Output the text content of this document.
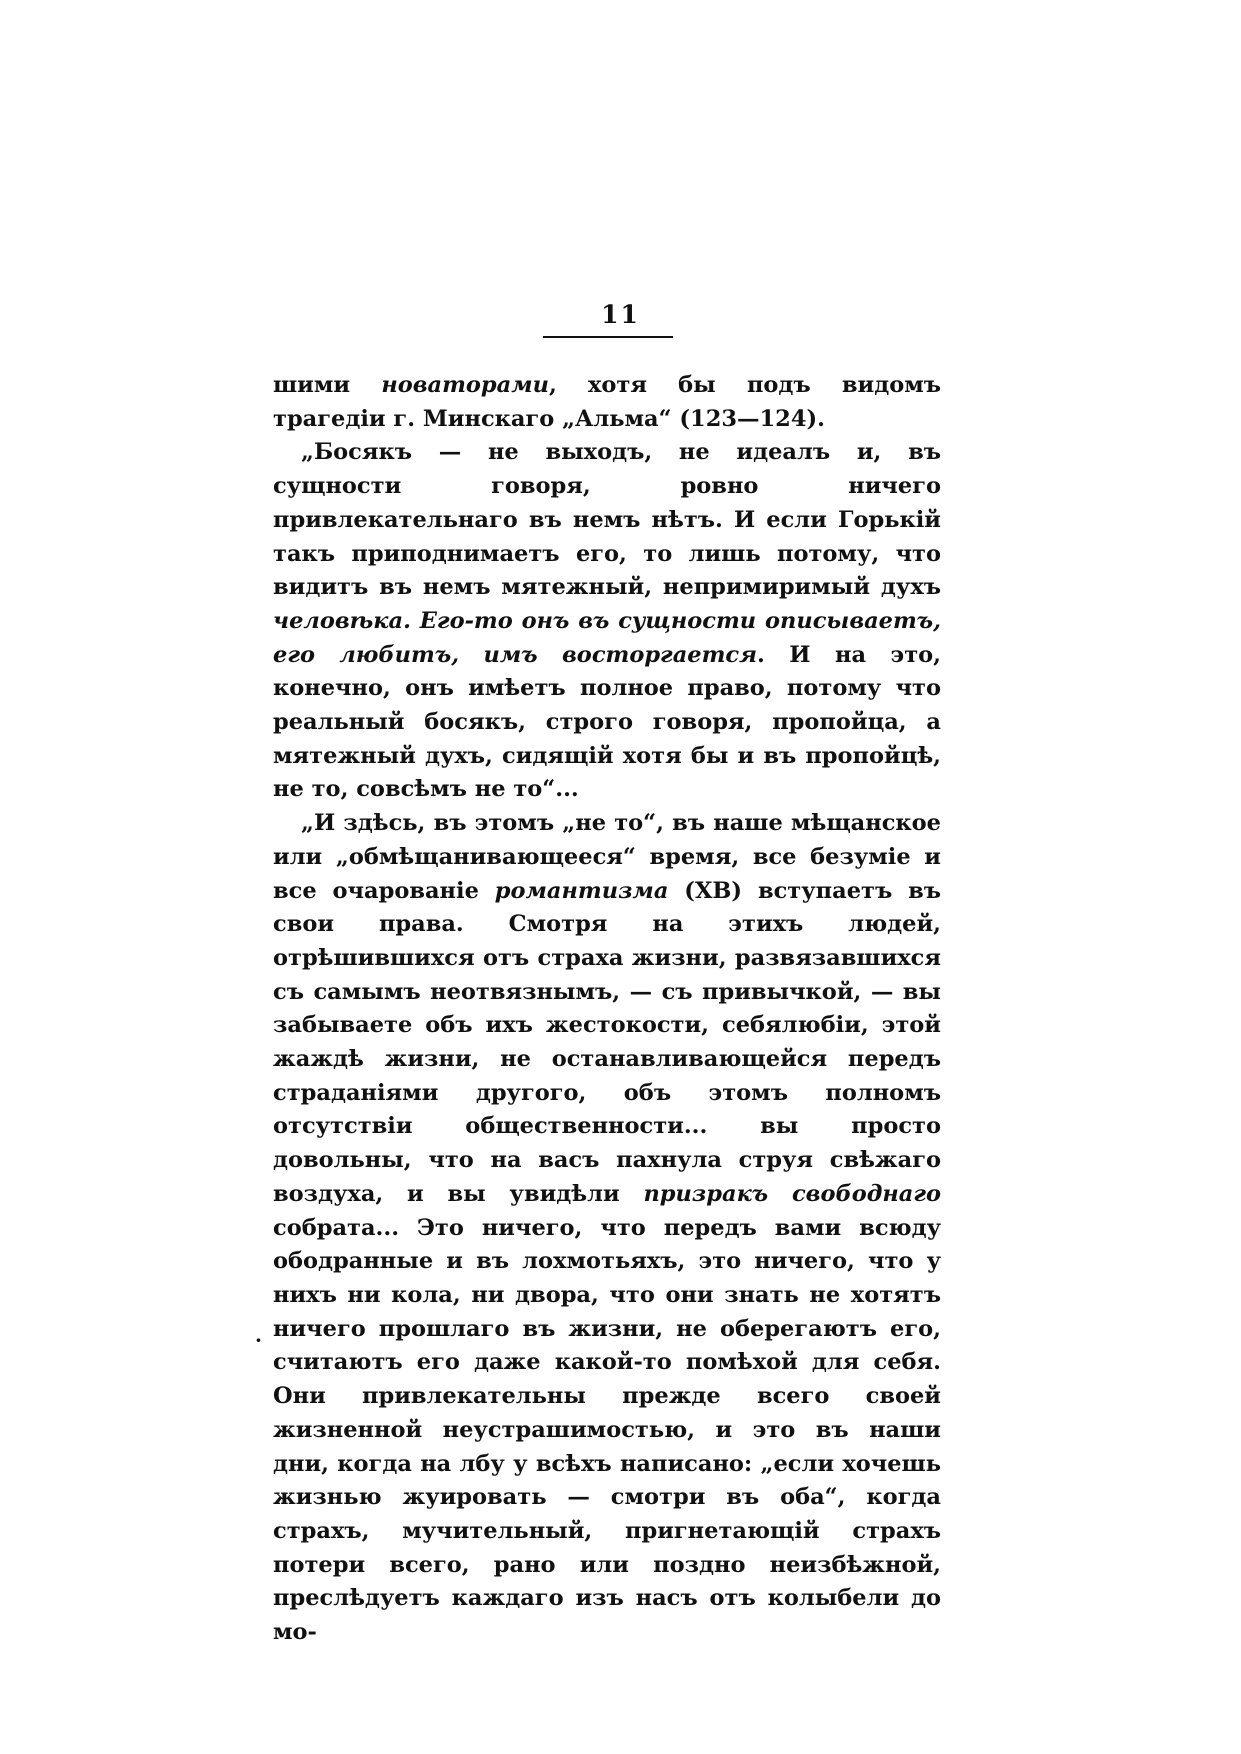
11

шими новаторами, хотя бы подъ видомъ трагедіи г. Минскаго „Альма“ (123—124).

„Босякъ — не выходъ, не идеалъ и, въ сущности говоря, ровно ничего привлекательнаго въ немъ нѣтъ. И если Горькій такъ приподнимаетъ его, то лишь потому, что видитъ въ немъ мятежный, непримиримый духъ человѣка. Его-то онъ въ сущности описываетъ, его любитъ, имъ восторгается. И на это, конечно, онъ имѣетъ полное право, потому что реальный босякъ, строго говоря, пропойца, а мятежный духъ, сидящій хотя бы и въ пропойцѣ, не то, совсѣмъ не то“...

„И здѣсь, въ этомъ „не то“, въ наше мѣщанское или „обмѣщанивающееся“ время, все безуміе и все очарованіе романтизма (XB) вступаетъ въ свои права. Смотря на этихъ людей, отрѣшившихся отъ страха жизни, развязавшихся съ самымъ неотвязнымъ, — съ привычкой, — вы забываете объ ихъ жестокости, себялюбіи, этой жаждѣ жизни, не останавливающейся передъ страданіями другого, объ этомъ полномъ отсутствіи общественности... вы просто довольны, что на васъ пахнула струя свѣжаго воздуха, и вы увидѣли призракъ свободнаго собрата... Это ничего, что передъ вами всюду ободранные и въ лохмотьяхъ, это ничего, что у нихъ ни кола, ни двора, что они знать не хотятъ ничего прошлаго въ жизни, не оберегаютъ его, считаютъ его даже какой-то помѣхой для себя. Они привлекательны прежде всего своей жизненной неустрашимостью, и это въ наши дни, когда на лбу у всѣхъ написано: „если хочешь жизнью жуировать — смотри въ оба“, когда страхъ, мучительный, пригнетающій страхъ потери всего, рано или поздно неизбѣжной, преслѣдуетъ каждаго изъ насъ отъ колыбели до мо-

·
